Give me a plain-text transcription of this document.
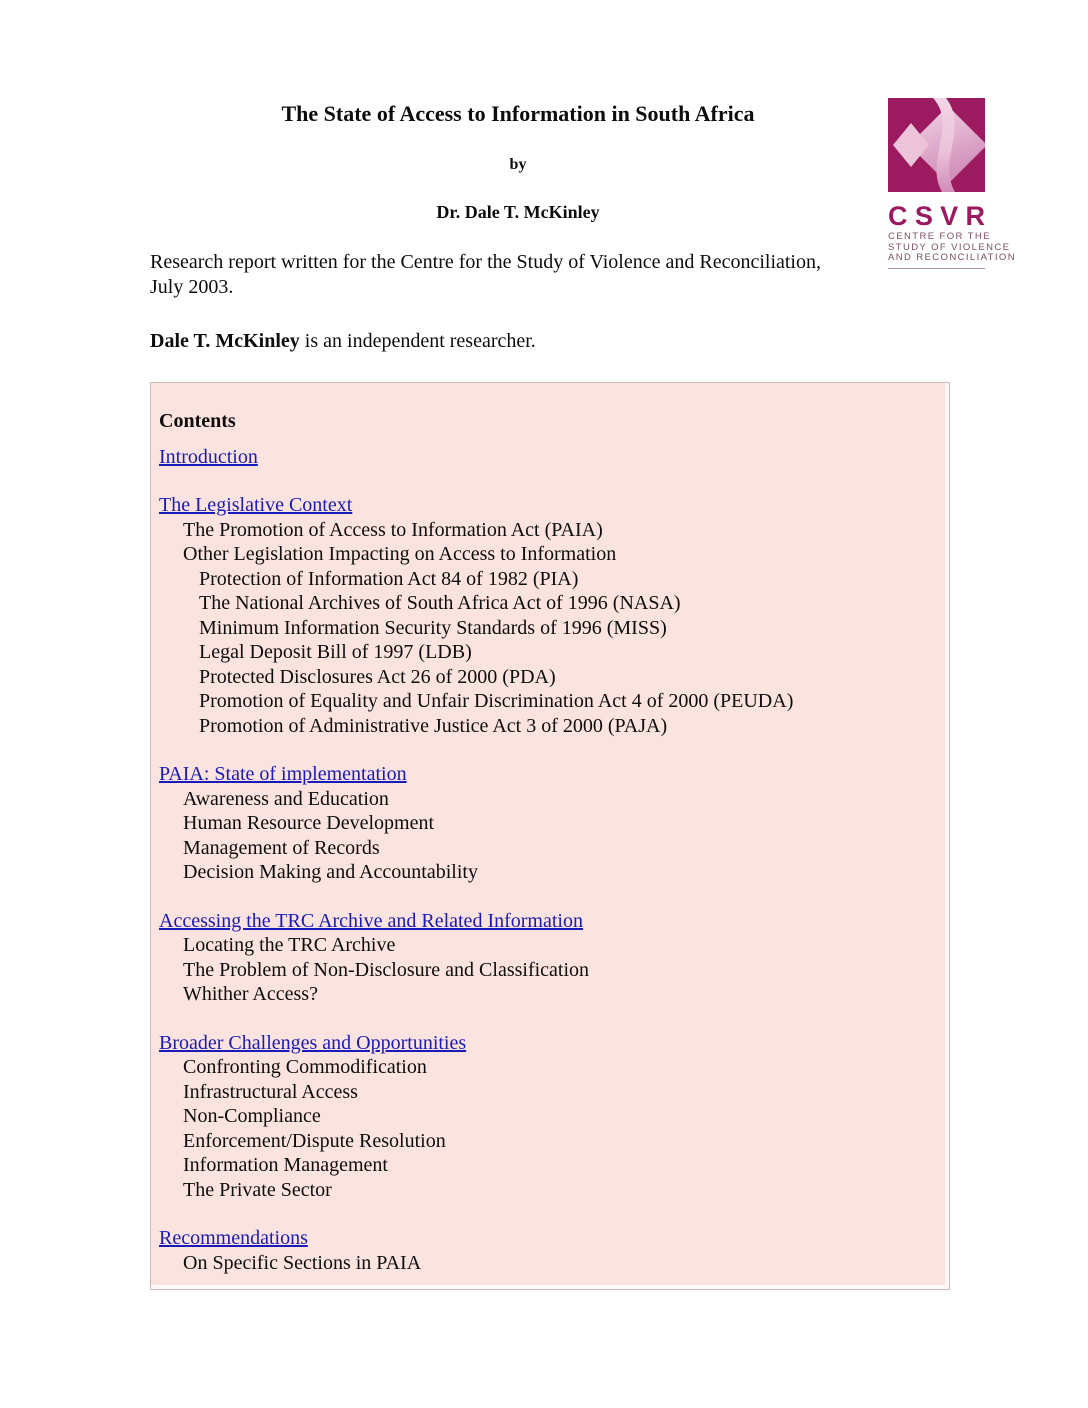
The State of Access to Information in South Africa
by
Dr. Dale T. McKinley
Research report written for the Centre for the Study of Violence and Reconciliation,
July 2003.
Dale T. McKinley is an independent researcher.
Contents
Introduction
The Legislative Context
The Promotion of Access to Information Act (PAIA)
Other Legislation Impacting on Access to Information
Protection of Information Act 84 of 1982 (PIA)
The National Archives of South Africa Act of 1996 (NASA)
Minimum Information Security Standards of 1996 (MISS)
Legal Deposit Bill of 1997 (LDB)
Protected Disclosures Act 26 of 2000 (PDA)
Promotion of Equality and Unfair Discrimination Act 4 of 2000 (PEUDA)
Promotion of Administrative Justice Act 3 of 2000 (PAJA)
PAIA: State of implementation
Awareness and Education
Human Resource Development
Management of Records
Decision Making and Accountability
Accessing the TRC Archive and Related Information
Locating the TRC Archive
The Problem of Non-Disclosure and Classification
Whither Access?
Broader Challenges and Opportunities
Confronting Commodification
Infrastructural Access
Non-Compliance
Enforcement/Dispute Resolution
Information Management
The Private Sector
Recommendations
On Specific Sections in PAIA
C S V R
CENTRE FOR THE
STUDY OF VIOLENCE
AND RECONCILIATION
